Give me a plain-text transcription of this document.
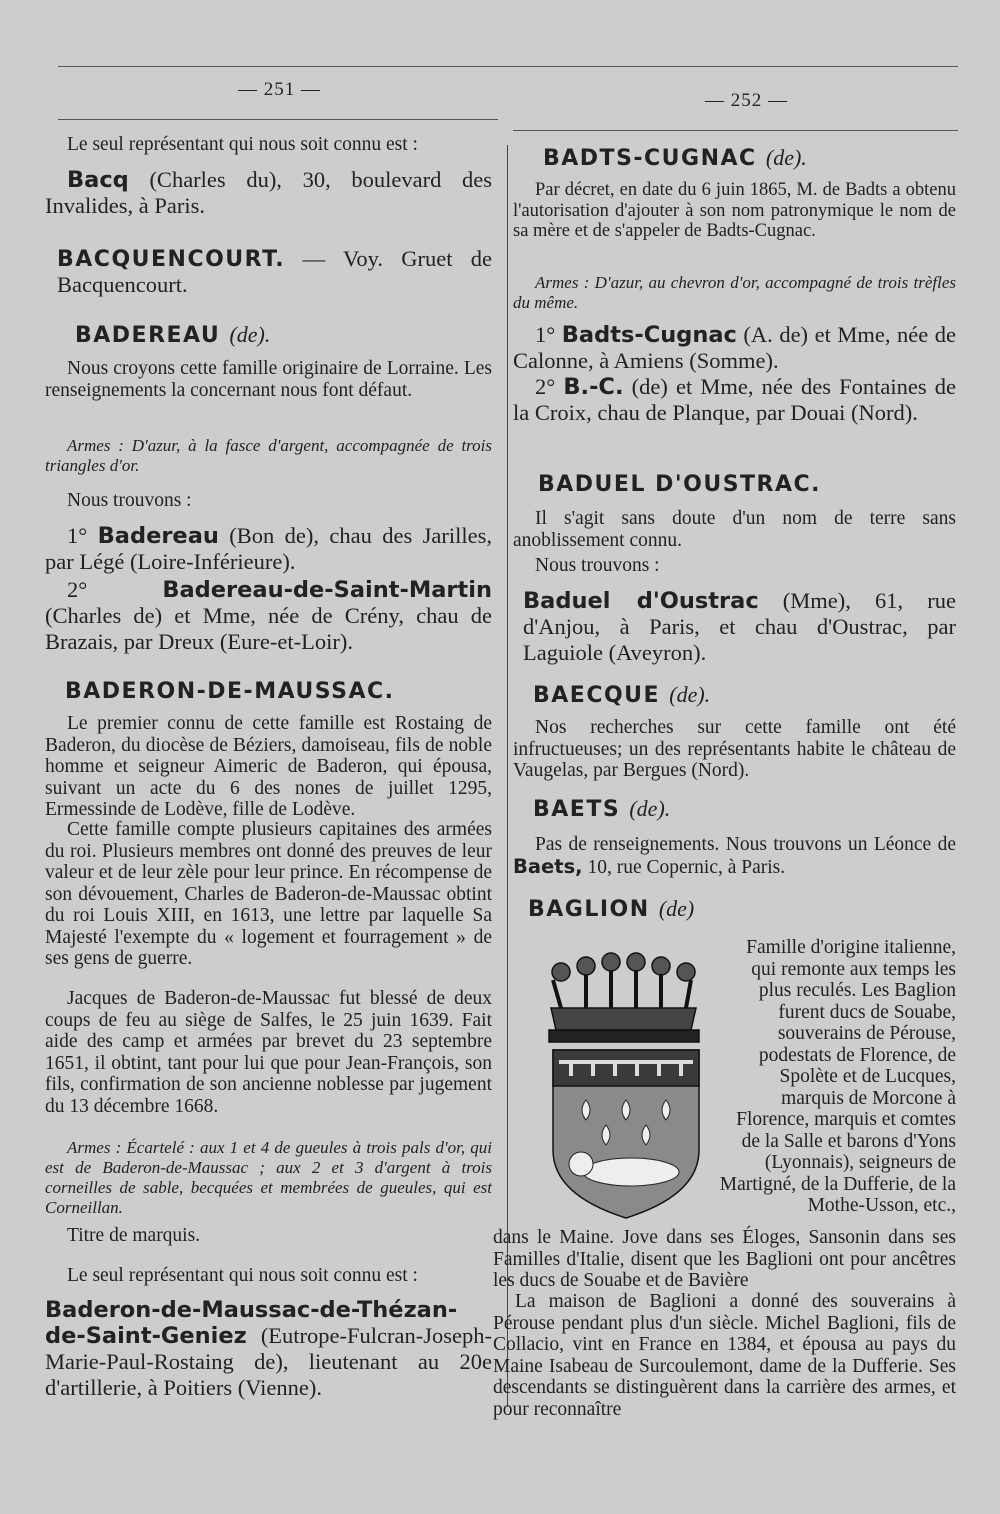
— 251 —
— 252 —

Le seul représentant qui nous soit connu est :

Bacq (Charles du), 30, boulevard des Invalides, à Paris.

BACQUENCOURT. — Voy. Gruet de Bacquencourt.

BADEREAU (de).

Nous croyons cette famille originaire de Lorraine. Les renseignements la concernant nous font défaut.

Armes : D'azur, à la fasce d'argent, accompagnée de trois triangles d'or.

Nous trouvons :

1° Badereau (Bon de), chau des Jarilles, par Légé (Loire-Inférieure).

2°	Badereau-de-Saint-Martin (Charles de) et Mme, née de Crény, chau de Brazais, par Dreux (Eure-et-Loir).

BADERON-DE-MAUSSAC.

Le premier connu de cette famille est Rostaing de Baderon, du diocèse de Béziers, damoiseau, fils de noble homme et seigneur Aimeric de Baderon, qui épousa, suivant un acte du 6 des nones de juillet 1295, Ermessinde de Lodève, fille de Lodève.

Cette famille compte plusieurs capitaines des armées du roi. Plusieurs membres ont donné des preuves de leur valeur et de leur zèle pour leur prince. En récompense de son dévouement, Charles de Baderon-de-Maussac obtint du roi Louis XIII, en 1613, une lettre par laquelle Sa Majesté l'exempte du « logement et fourragement » de ses gens de guerre.

Jacques de Baderon-de-Maussac fut blessé de deux coups de feu au siège de Salfes, le 25 juin 1639. Fait aide des camp et armées par brevet du 23 septembre 1651, il obtint, tant pour lui que pour Jean-François, son fils, confirmation de son ancienne noblesse par jugement du 13 décembre 1668.

Armes : Écartelé : aux 1 et 4 de gueules à trois pals d'or, qui est de Baderon-de-Maussac ; aux 2 et 3 d'argent à trois corneilles de sable, becquées et membrées de gueules, qui est Corneillan.

Titre de marquis.

Le seul représentant qui nous soit connu est :

Baderon-de-Maussac-de-Thézan-de-Saint-Geniez (Eutrope-Fulcran-Joseph-Marie-Paul-Rostaing de), lieutenant au 20e d'artillerie, à Poitiers (Vienne).

BADTS-CUGNAC (de).

Par décret, en date du 6 juin 1865, M. de Badts a obtenu l'autorisation d'ajouter à son nom patronymique le nom de sa mère et de s'appeler de Badts-Cugnac.

Armes : D'azur, au chevron d'or, accompagné de trois trèfles du même.

1° Badts-Cugnac (A. de) et Mme, née de Calonne, à Amiens (Somme).

2° B.-C. (de) et Mme, née des Fontaines de la Croix, chau de Planque, par Douai (Nord).

BADUEL D'OUSTRAC.

Il s'agit sans doute d'un nom de terre sans anoblissement connu.

Nous trouvons :

Baduel d'Oustrac (Mme), 61, rue d'Anjou, à Paris, et chau d'Oustrac, par Laguiole (Aveyron).

BAECQUE (de).

Nos recherches sur cette famille ont été infructueuses; un des représentants habite le château de Vaugelas, par Bergues (Nord).

BAETS (de).

Pas de renseignements. Nous trouvons un Léonce de Baets, 10, rue Copernic, à Paris.

BAGLION (de)

Famille d'origine italienne, qui remonte aux temps les plus reculés. Les Baglion furent ducs de Souabe, souverains de Pérouse, podestats de Florence, de Spolète et de Lucques, marquis de Morcone à Florence, marquis et comtes de la Salle et barons d'Yons (Lyonnais), seigneurs de Martigné, de la Dufferie, de la Mothe-Usson, etc.,

dans le Maine. Jove dans ses Éloges, Sansonin dans ses Familles d'Italie, disent que les Baglioni ont pour ancêtres les ducs de Souabe et de Bavière

La maison de Baglioni a donné des souverains à Pérouse pendant plus d'un siècle. Michel Baglioni, fils de Collacio, vint en France en 1384, et épousa au pays du Maine Isabeau de Surcoulemont, dame de la Dufferie. Ses descendants se distinguèrent dans la carrière des armes, et pour reconnaître
